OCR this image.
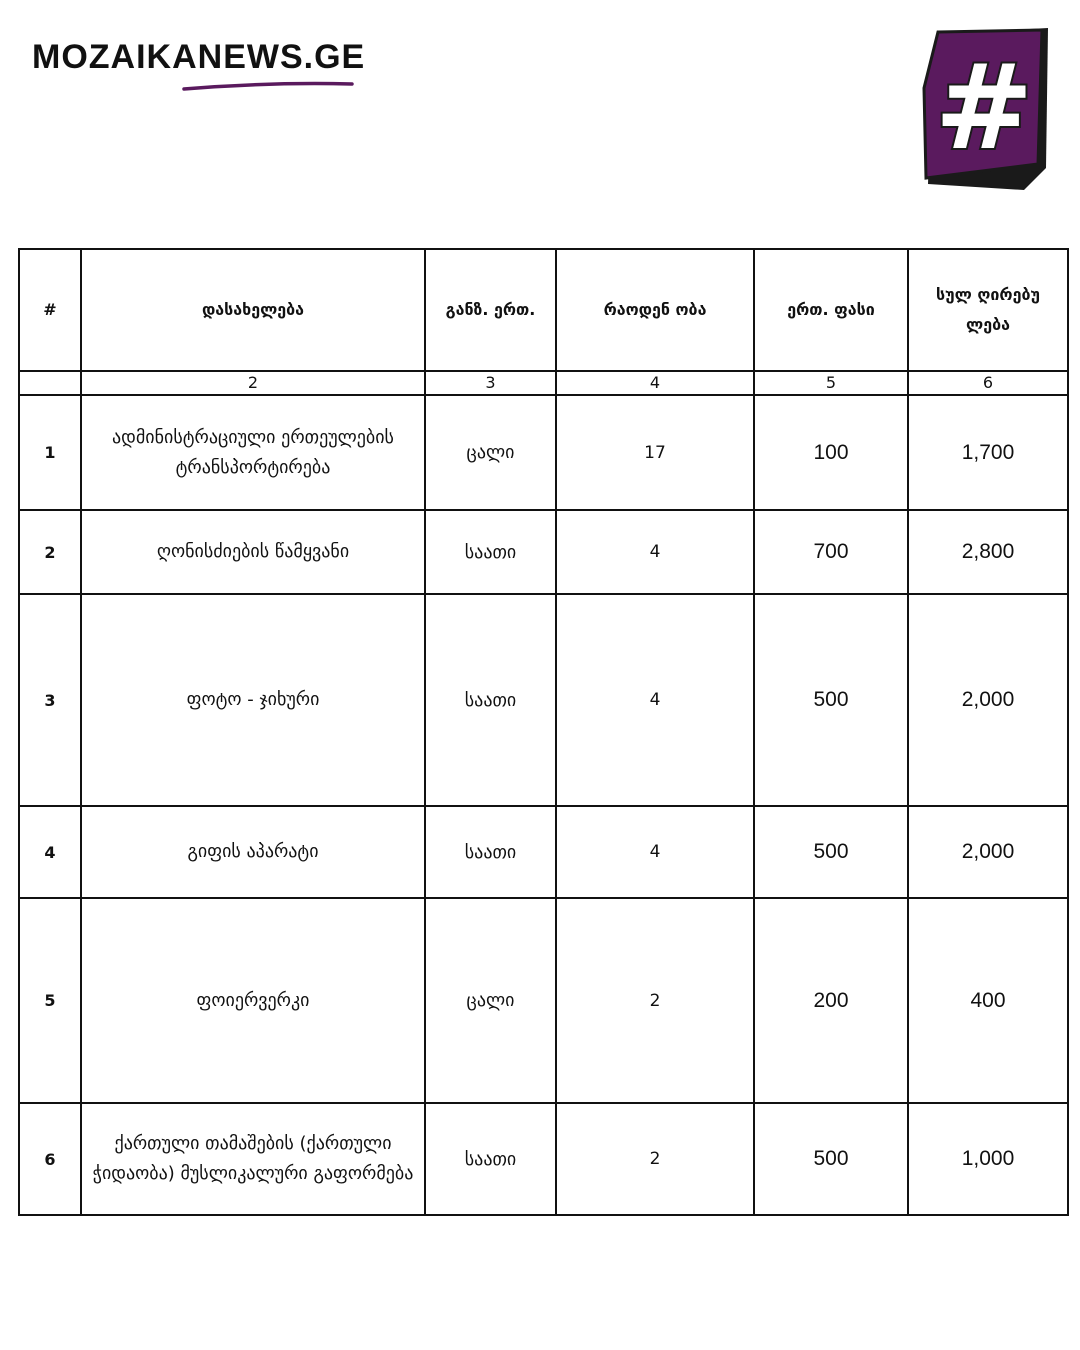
MOZAIKANEWS.GE	#
#	დასახელება	განზ. ერთ.	რაოდენ ობა	ერთ. ფასი	სულ ღირებუ ლება
	2	3	4	5	6
1	ადმინისტრაციული ერთეულების ტრანსპორტირება	ცალი	17	100	1,700
2	ღონისძიების წამყვანი	საათი	4	700	2,800
3	ფოტო - ჯიხური	საათი	4	500	2,000
4	გიფის აპარატი	საათი	4	500	2,000
5	ფოიერვერკი	ცალი	2	200	400
6	ქართული თამაშების (ქართული ჭიდაობა) მუსლიკალური გაფორმება	საათი	2	500	1,000
